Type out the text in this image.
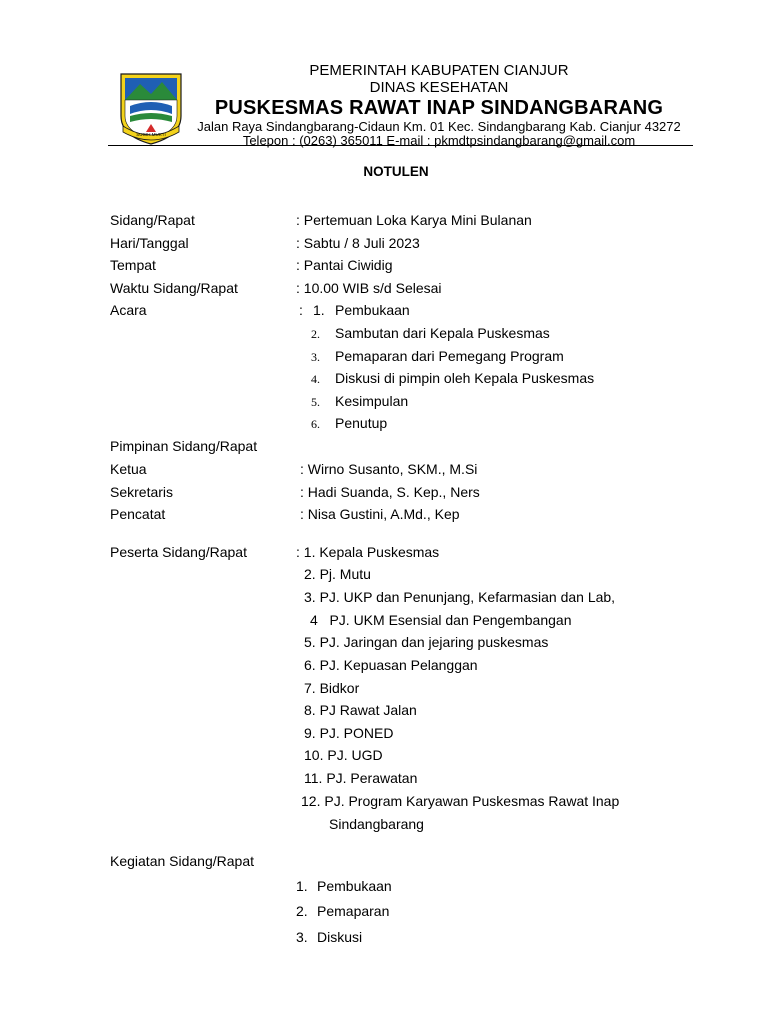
SUGIH MUKTI
PEMERINTAH KABUPATEN CIANJUR
DINAS KESEHATAN
PUSKESMAS RAWAT INAP SINDANGBARANG
Jalan Raya Sindangbarang-Cidaun Km. 01 Kec. Sindangbarang Kab. Cianjur 43272
Telepon : (0263) 365011 E-mail : pkmdtpsindangbarang@gmail.com
NOTULEN
Sidang/Rapat	: Pertemuan Loka Karya Mini Bulanan
Hari/Tanggal	: Sabtu / 8 Juli 2023
Tempat	: Pantai Ciwidig
Waktu Sidang/Rapat	: 10.00 WIB s/d Selesai
Acara	: 1. Pembukaan
2. Sambutan dari Kepala Puskesmas
3. Pemaparan dari Pemegang Program
4. Diskusi di pimpin oleh Kepala Puskesmas
5. Kesimpulan
6. Penutup
Pimpinan Sidang/Rapat
Ketua	: Wirno Susanto, SKM., M.Si
Sekretaris	: Hadi Suanda, S. Kep., Ners
Pencatat	: Nisa Gustini, A.Md., Kep
Peserta Sidang/Rapat	: 1. Kepala Puskesmas
2. Pj. Mutu
3. PJ. UKP dan Penunjang, Kefarmasian dan Lab,
4   PJ. UKM Esensial dan Pengembangan
5. PJ. Jaringan dan jejaring puskesmas
6. PJ. Kepuasan Pelanggan
7. Bidkor
8. PJ Rawat Jalan
9. PJ. PONED
10. PJ. UGD
11. PJ. Perawatan
12. PJ. Program Karyawan Puskesmas Rawat Inap
Sindangbarang
Kegiatan Sidang/Rapat
1. Pembukaan
2. Pemaparan
3. Diskusi
